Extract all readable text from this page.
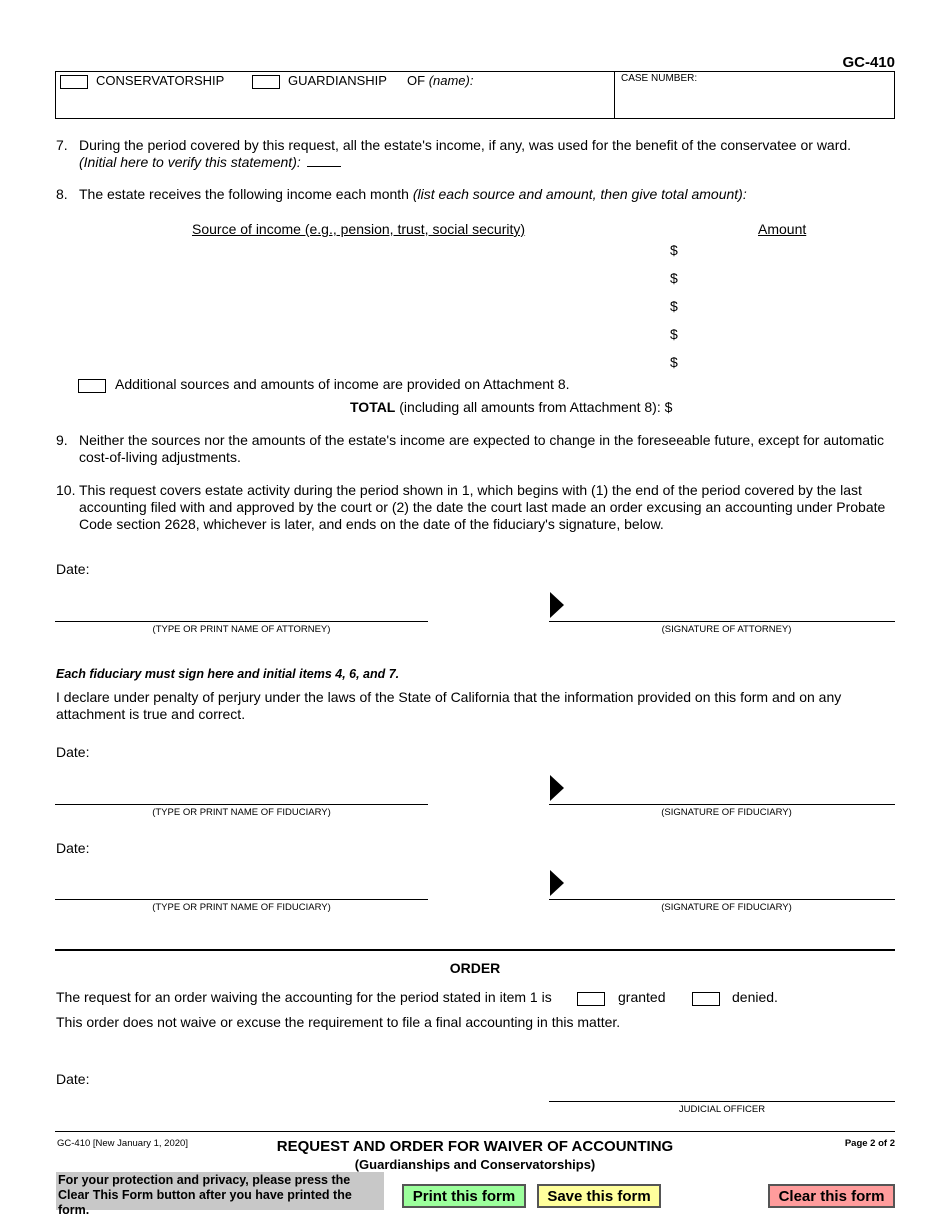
GC-410
CONSERVATORSHIP	GUARDIANSHIP OF (name):	CASE NUMBER:
7. During the period covered by this request, all the estate's income, if any, was used for the benefit of the conservatee or ward.
(Initial here to verify this statement):
8. The estate receives the following income each month (list each source and amount, then give total amount):
Source of income (e.g., pension, trust, social security)	Amount
$
$
$
$
$
Additional sources and amounts of income are provided on Attachment 8.
TOTAL (including all amounts from Attachment 8): $
9. Neither the sources nor the amounts of the estate's income are expected to change in the foreseeable future, except for automatic cost-of-living adjustments.
10. This request covers estate activity during the period shown in 1, which begins with (1) the end of the period covered by the last accounting filed with and approved by the court or (2) the date the court last made an order excusing an accounting under Probate Code section 2628, whichever is later, and ends on the date of the fiduciary's signature, below.
Date:
(TYPE OR PRINT NAME OF ATTORNEY)	(SIGNATURE OF ATTORNEY)
Each fiduciary must sign here and initial items 4, 6, and 7.
I declare under penalty of perjury under the laws of the State of California that the information provided on this form and on any attachment is true and correct.
Date:
(TYPE OR PRINT NAME OF FIDUCIARY)	(SIGNATURE OF FIDUCIARY)
Date:
(TYPE OR PRINT NAME OF FIDUCIARY)	(SIGNATURE OF FIDUCIARY)
ORDER
The request for an order waiving the accounting for the period stated in item 1 is	granted	denied.
This order does not waive or excuse the requirement to file a final accounting in this matter.
Date:
JUDICIAL OFFICER
GC-410 [New January 1, 2020]	REQUEST AND ORDER FOR WAIVER OF ACCOUNTING
(Guardianships and Conservatorships)
Page 2 of 2
For your protection and privacy, please press the Clear This Form button after you have printed the form.
Print this form	Save this form	Clear this form
